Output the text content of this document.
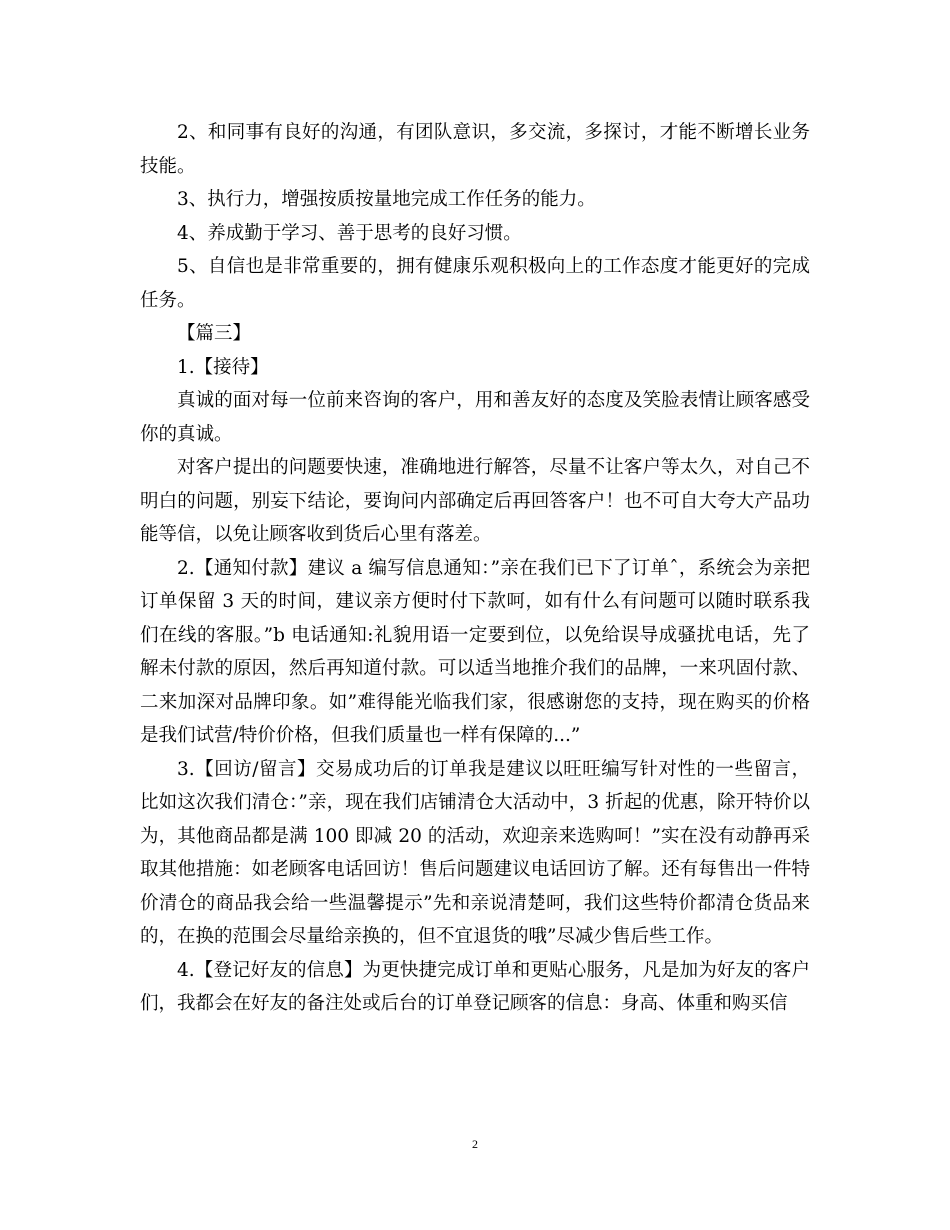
2、和同事有良好的沟通，有团队意识，多交流，多探讨，才能不断增长业务技能。

3、执行力，增强按质按量地完成工作任务的能力。

4、养成勤于学习、善于思考的良好习惯。

5、自信也是非常重要的，拥有健康乐观积极向上的工作态度才能更好的完成任务。

【篇三】

1.【接待】

真诚的面对每一位前来咨询的客户，用和善友好的态度及笑脸表情让顾客感受你的真诚。

对客户提出的问题要快速，准确地进行解答，尽量不让客户等太久，对自己不明白的问题，别妄下结论，要询问内部确定后再回答客户！也不可自大夸大产品功能等信，以免让顾客收到货后心里有落差。

2.【通知付款】建议 a 编写信息通知：”亲在我们已下了订单ˆ，系统会为亲把订单保留 3 天的时间，建议亲方便时付下款呵，如有什么有问题可以随时联系我们在线的客服。”b 电话通知:礼貌用语一定要到位，以免给误导成骚扰电话，先了解未付款的原因，然后再知道付款。可以适当地推介我们的品牌，一来巩固付款、二来加深对品牌印象。如”难得能光临我们家，很感谢您的支持，现在购买的价格是我们试营/特价价格，但我们质量也一样有保障的...”

3.【回访/留言】交易成功后的订单我是建议以旺旺编写针对性的一些留言，比如这次我们清仓：”亲，现在我们店铺清仓大活动中，3 折起的优惠，除开特价以为，其他商品都是满 100 即减 20 的活动，欢迎亲来选购呵！”实在没有动静再采取其他措施：如老顾客电话回访！售后问题建议电话回访了解。还有每售出一件特价清仓的商品我会给一些温馨提示”先和亲说清楚呵，我们这些特价都清仓货品来的，在换的范围会尽量给亲换的，但不宜退货的哦”尽减少售后些工作。

4.【登记好友的信息】为更快捷完成订单和更贴心服务，凡是加为好友的客户们，我都会在好友的备注处或后台的订单登记顾客的信息：身高、体重和购买信

2
